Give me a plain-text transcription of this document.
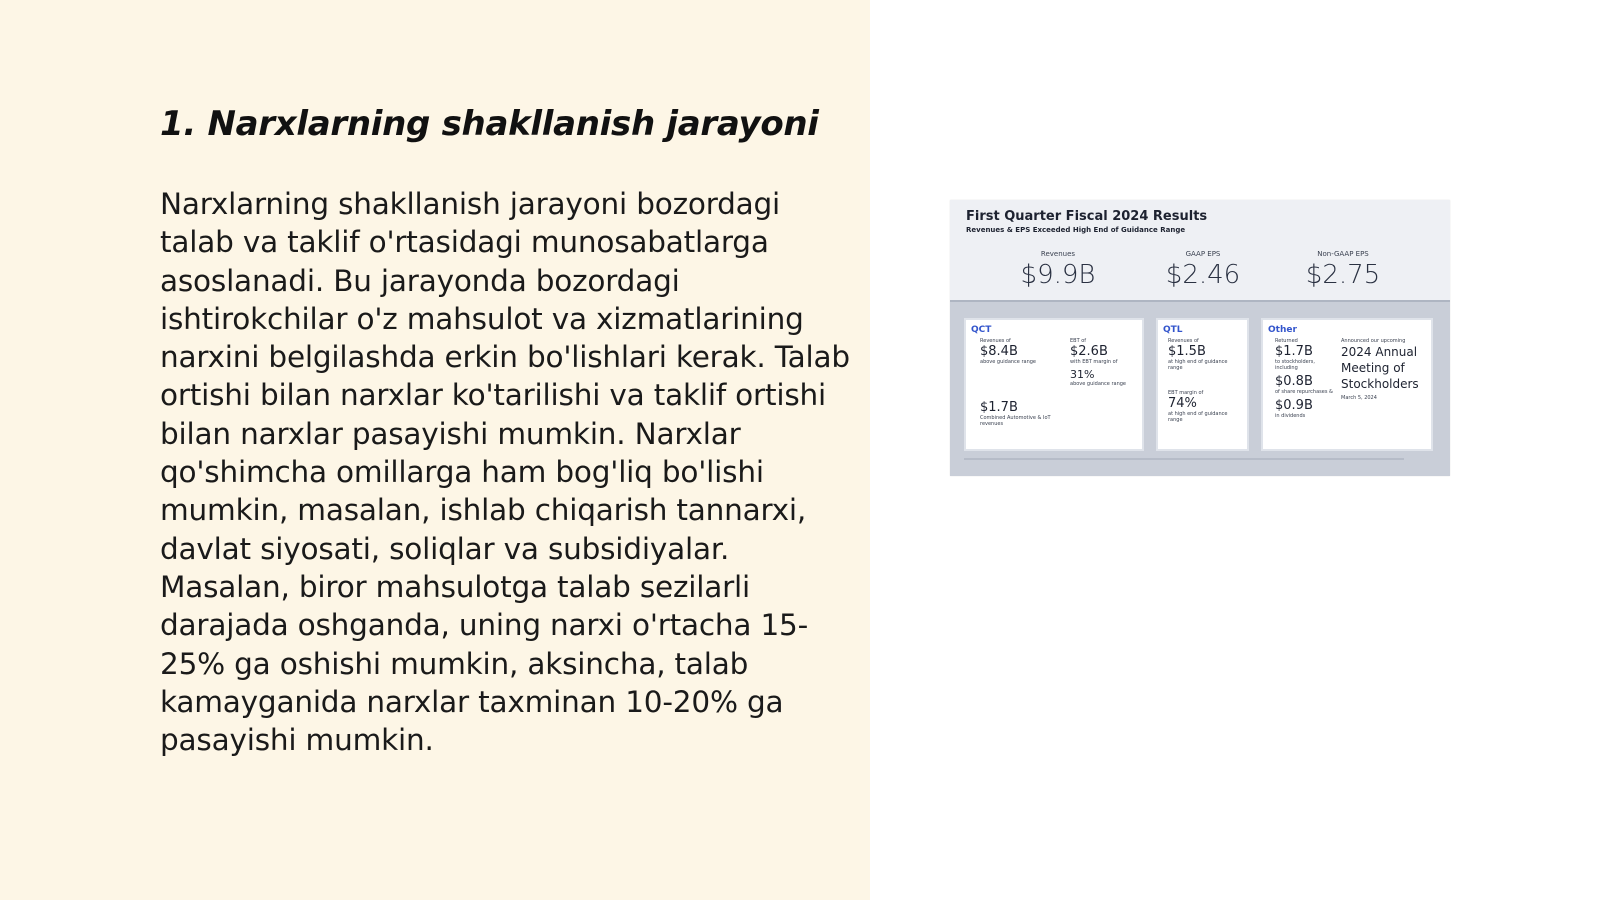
1. Narxlarning shakllanish jarayoni

Narxlarning shakllanish jarayoni bozordagi talab va taklif o'rtasidagi munosabatlarga asoslanadi. Bu jarayonda bozordagi ishtirokchilar o'z mahsulot va xizmatlarining narxini belgilashda erkin bo'lishlari kerak. Talab ortishi bilan narxlar ko'tarilishi va taklif ortishi bilan narxlar pasayishi mumkin. Narxlar qo'shimcha omillarga ham bog'liq bo'lishi mumkin, masalan, ishlab chiqarish tannarxi, davlat siyosati, soliqlar va subsidiyalar. Masalan, biror mahsulotga talab sezilarli darajada oshganda, uning narxi o'rtacha 15-25% ga oshishi mumkin, aksincha, talab kamayganida narxlar taxminan 10-20% ga pasayishi mumkin.

First Quarter Fiscal 2024 Results
Revenues & EPS Exceeded High End of Guidance Range
Revenues
$9.9B
GAAP EPS
$2.46
Non-GAAP EPS
$2.75
QCT
Revenues of
$8.4B
above guidance range
EBT of
$2.6B
with EBT margin of
31%
above guidance range
$1.7B
Combined Automotive & IoT revenues
QTL
Revenues of
$1.5B
at high end of guidance range
EBT margin of
74%
at high end of guidance range
Other
Returned
$1.7B
to stockholders, including
$0.8B
of share repurchases &
$0.9B
in dividends
Announced our upcoming
2024 Annual Meeting of Stockholders
March 5, 2024
